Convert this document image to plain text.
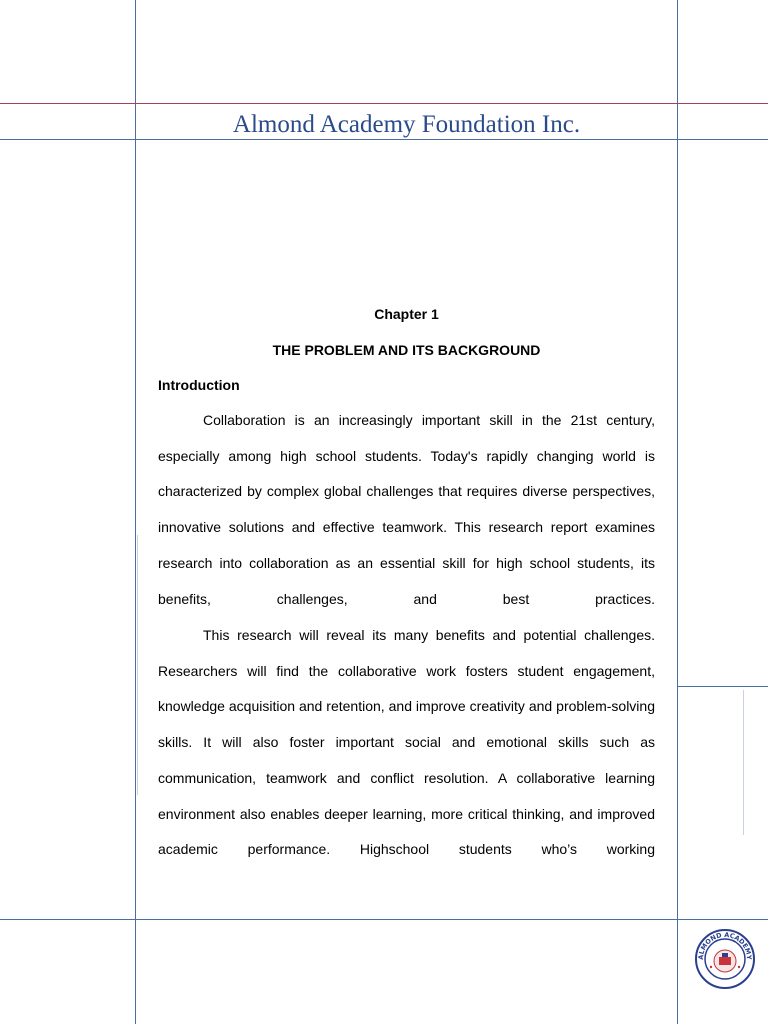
Almond Academy Foundation Inc.
Chapter 1
THE PROBLEM AND ITS BACKGROUND
Introduction

Collaboration is an increasingly important skill in the 21st century, especially among high school students. Today's rapidly changing world is characterized by complex global challenges that requires diverse perspectives, innovative solutions and effective teamwork. This research report examines research into collaboration as an essential skill for high school students, its benefits, challenges, and best practices.

This research will reveal its many benefits and potential challenges. Researchers will find the collaborative work fosters student engagement, knowledge acquisition and retention, and improve creativity and problem-solving skills. It will also foster important social and emotional skills such as communication, teamwork and conflict resolution. A collaborative learning environment also enables deeper learning, more critical thinking, and improved academic performance. Highschool students who’s working

ALMOND ACADEMY
